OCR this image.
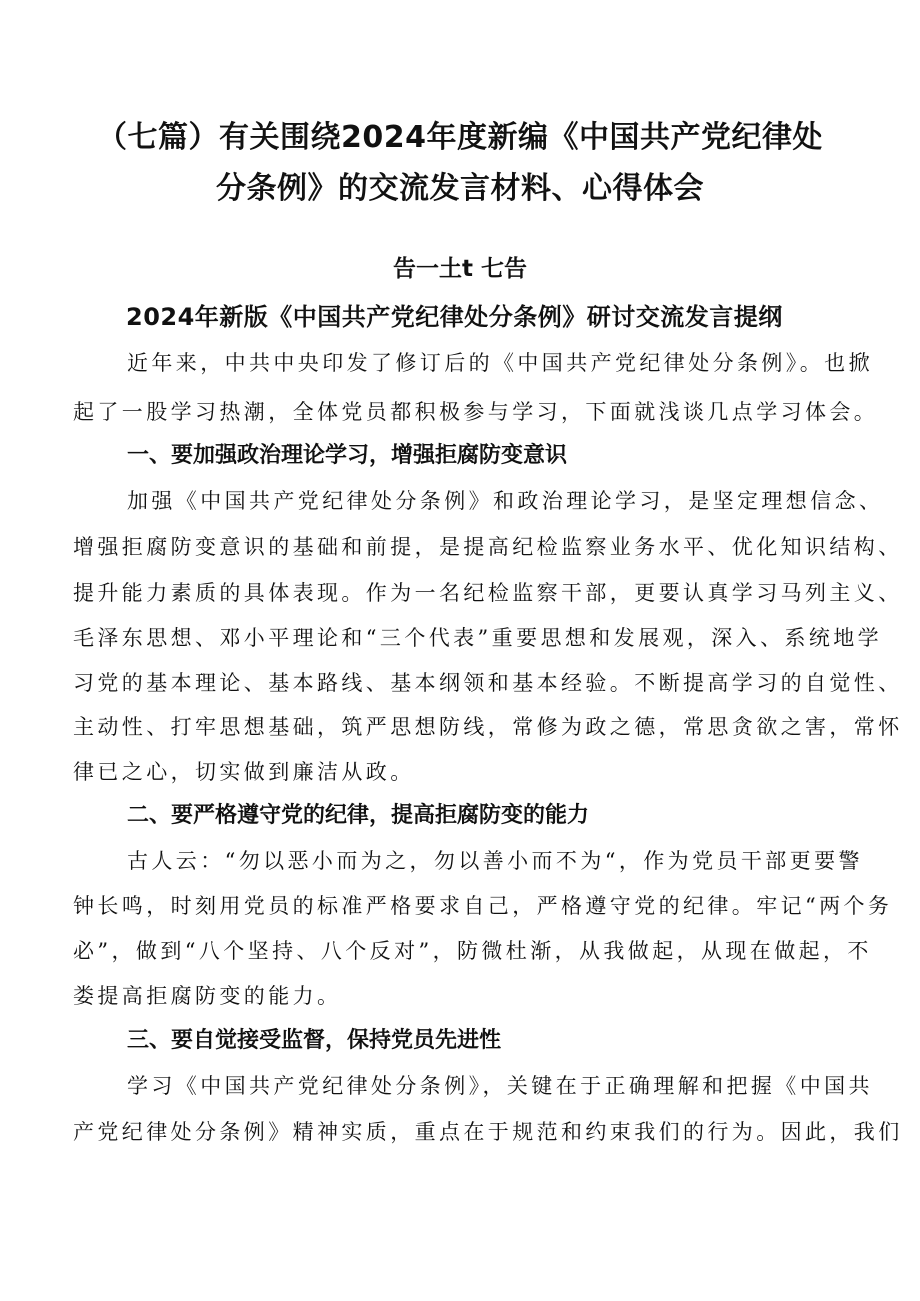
（七篇）有关围绕2024年度新编《中国共产党纪律处
分条例》的交流发言材料、心得体会
告一土t 七告
2024年新版《中国共产党纪律处分条例》研讨交流发言提纲
近年来，中共中央印发了修订后的《中国共产党纪律处分条例》。也掀
起了一股学习热潮，全体党员都积极参与学习，下面就浅谈几点学习体会。
一、要加强政治理论学习，增强拒腐防变意识
加强《中国共产党纪律处分条例》和政治理论学习，是坚定理想信念、
增强拒腐防变意识的基础和前提，是提高纪检监察业务水平、优化知识结构、
提升能力素质的具体表现。作为一名纪检监察干部，更要认真学习马列主义、
毛泽东思想、邓小平理论和“三个代表”重要思想和发展观，深入、系统地学
习党的基本理论、基本路线、基本纲领和基本经验。不断提高学习的自觉性、
主动性、打牢思想基础，筑严思想防线，常修为政之德，常思贪欲之害，常怀
律已之心，切实做到廉洁从政。
二、要严格遵守党的纪律，提高拒腐防变的能力
古人云：“勿以恶小而为之，勿以善小而不为“，作为党员干部更要警
钟长鸣，时刻用党员的标准严格要求自己，严格遵守党的纪律。牢记“两个务
必”，做到“八个坚持、八个反对”，防微杜渐，从我做起，从现在做起，不
娄提高拒腐防变的能力。
三、要自觉接受监督，保持党员先进性
学习《中国共产党纪律处分条例》，关键在于正确理解和把握《中国共
产党纪律处分条例》精神实质，重点在于规范和约束我们的行为。因此，我们
